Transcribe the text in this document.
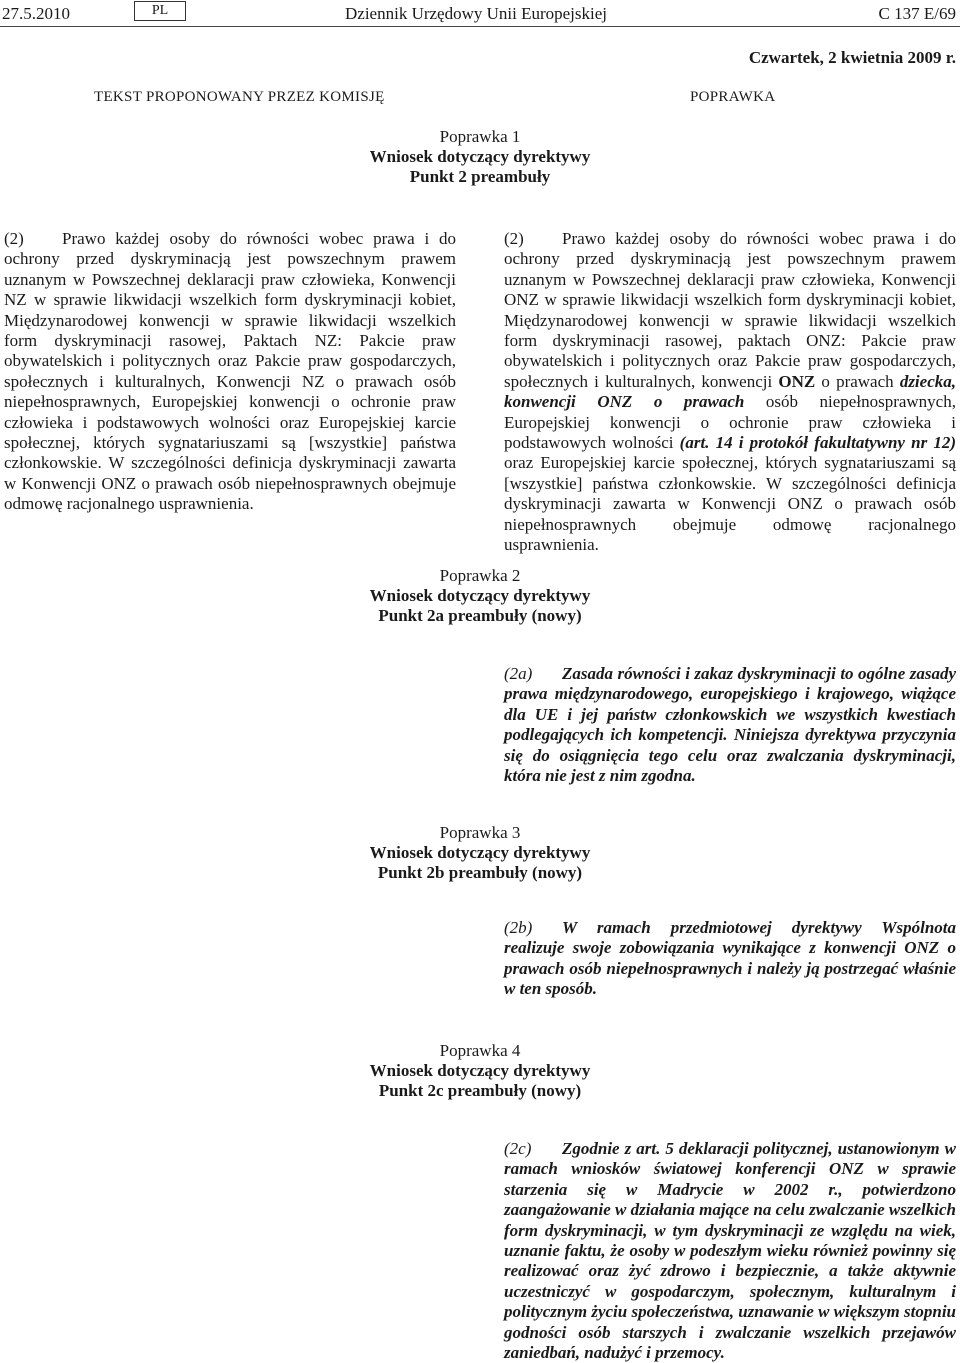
27.5.2010	PL	Dziennik Urzędowy Unii Europejskiej	C 137 E/69
Czwartek, 2 kwietnia 2009 r.
TEKST PROPONOWANY PRZEZ KOMISJĘ	POPRAWKA
Poprawka 1
Wniosek dotyczący dyrektywy
Punkt 2 preambuły
(2) Prawo każdej osoby do równości wobec prawa i do ochrony przed dyskryminacją jest powszechnym prawem uznanym w Powszechnej deklaracji praw człowieka, Konwencji NZ w sprawie likwidacji wszelkich form dyskryminacji kobiet, Międzynarodowej konwencji w sprawie likwidacji wszelkich form dyskryminacji rasowej, Paktach NZ: Pakcie praw obywatelskich i politycznych oraz Pakcie praw gospodarczych, społecznych i kulturalnych, Konwencji NZ o prawach osób niepełnosprawnych, Europejskiej konwencji o ochronie praw człowieka i podstawowych wolności oraz Europejskiej karcie społecznej, których sygnatariuszami są [wszystkie] państwa członkowskie. W szczególności definicja dyskryminacji zawarta w Konwencji ONZ o prawach osób niepełnosprawnych obejmuje odmowę racjonalnego usprawnienia.
(2) Prawo każdej osoby do równości wobec prawa i do ochrony przed dyskryminacją jest powszechnym prawem uznanym w Powszechnej deklaracji praw człowieka, Konwencji ONZ w sprawie likwidacji wszelkich form dyskryminacji kobiet, Międzynarodowej konwencji w sprawie likwidacji wszelkich form dyskryminacji rasowej, paktach ONZ: Pakcie praw obywatelskich i politycznych oraz Pakcie praw gospodarczych, społecznych i kulturalnych, konwencji ONZ o prawach dziecka, konwencji ONZ o prawach osób niepełnosprawnych, Europejskiej konwencji o ochronie praw człowieka i podstawowych wolności (art. 14 i protokół fakultatywny nr 12) oraz Europejskiej karcie społecznej, których sygnatariuszami są [wszystkie] państwa członkowskie. W szczególności definicja dyskryminacji zawarta w Konwencji ONZ o prawach osób niepełnosprawnych obejmuje odmowę racjonalnego usprawnienia.
Poprawka 2
Wniosek dotyczący dyrektywy
Punkt 2a preambuły (nowy)
(2a) Zasada równości i zakaz dyskryminacji to ogólne zasady prawa międzynarodowego, europejskiego i krajowego, wiążące dla UE i jej państw członkowskich we wszystkich kwestiach podlegających ich kompetencji. Niniejsza dyrektywa przyczynia się do osiągnięcia tego celu oraz zwalczania dyskryminacji, która nie jest z nim zgodna.
Poprawka 3
Wniosek dotyczący dyrektywy
Punkt 2b preambuły (nowy)
(2b) W ramach przedmiotowej dyrektywy Wspólnota realizuje swoje zobowiązania wynikające z konwencji ONZ o prawach osób niepełnosprawnych i należy ją postrzegać właśnie w ten sposób.
Poprawka 4
Wniosek dotyczący dyrektywy
Punkt 2c preambuły (nowy)
(2c) Zgodnie z art. 5 deklaracji politycznej, ustanowionym w ramach wniosków światowej konferencji ONZ w sprawie starzenia się w Madrycie w 2002 r., potwierdzono zaangażowanie w działania mające na celu zwalczanie wszelkich form dyskryminacji, w tym dyskryminacji ze względu na wiek, uznanie faktu, że osoby w podeszłym wieku również powinny się realizować oraz żyć zdrowo i bezpiecznie, a także aktywnie uczestniczyć w gospodarczym, społecznym, kulturalnym i politycznym życiu społeczeństwa, uznawanie w większym stopniu godności osób starszych i zwalczanie wszelkich przejawów zaniedbań, nadużyć i przemocy.
